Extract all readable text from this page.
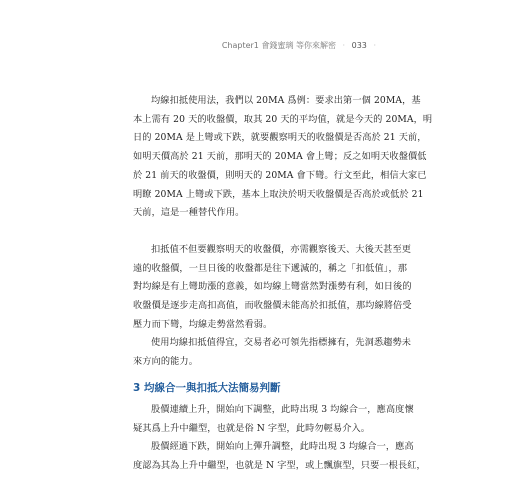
Chapter1 會錢蜜璃 等你來解密 · 033 ·

均線扣抵使用法，我們以 20MA 爲例：要求出第一個 20MA，基
本上需有 20 天的收盤價，取其 20 天的平均值，就是今天的 20MA，明
日的 20MA 是上彎或下跌，就要觀察明天的收盤價是否高於 21 天前，
如明天價高於 21 天前，那明天的 20MA 會上彎；反之如明天收盤價低
於 21 前天的收盤價，則明天的 20MA 會下彎。行文至此，相信大家已
明瞭 20MA 上彎或下跌，基本上取決於明天收盤價是否高於或低於 21
天前，這是一種替代作用。

扣抵值不但要觀察明天的收盤價，亦需觀察後天、大後天甚至更
遠的收盤價，一旦日後的收盤都是往下遞減的，稱之「扣低值」，那
對均線是有上彎助漲的意義，如均線上彎當然對漲勢有利，如日後的
收盤價是逐步走高扣高值，而收盤價未能高於扣抵值，那均線將倍受
壓力而下彎，均線走勢當然看弱。

使用均線扣抵值得宜，交易者必可領先指標擁有，先洞悉趨勢未
來方向的能力。

3 均線合一與扣抵大法簡易判斷

股價連續上升，開始向下調整，此時出現 3 均線合一，應高度懷
疑其爲上升中繼型，也就是俗 N 字型，此時勿輕易介入。

股價經過下跌，開始向上彈升調整，此時出現 3 均線合一，應高
度認為其為上升中繼型，也就是 N 字型，或上飄旗型，只要一根長紅，
